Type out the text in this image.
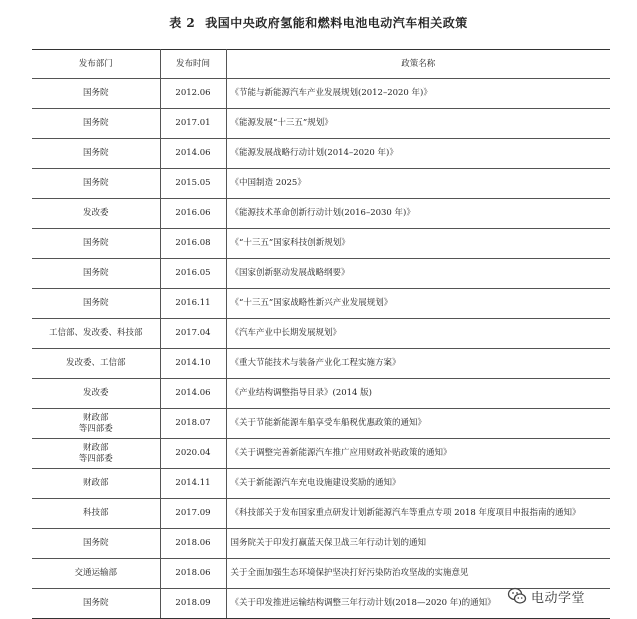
表 2 我国中央政府氢能和燃料电池电动汽车相关政策
发布部门	发布时间	政策名称

国务院	2012.06	《节能与新能源汽车产业发展规划(2012–2020 年)》

国务院	2017.01	《能源发展“十三五”规划》

国务院	2014.06	《能源发展战略行动计划(2014–2020 年)》

国务院	2015.05	《中国制造 2025》

发改委	2016.06	《能源技术革命创新行动计划(2016–2030 年)》

国务院	2016.08	《“十三五”国家科技创新规划》

国务院	2016.05	《国家创新驱动发展战略纲要》

国务院	2016.11	《“十三五”国家战略性新兴产业发展规划》

工信部、发改委、科技部	2017.04	《汽车产业中长期发展规划》

发改委、工信部	2014.10	《重大节能技术与装备产业化工程实施方案》

发改委	2014.06	《产业结构调整指导目录》(2014 版)

财政部
等四部委	2018.07	《关于节能新能源车船享受车船税优惠政策的通知》

财政部
等四部委	2020.04	《关于调整完善新能源汽车推广应用财政补贴政策的通知》

财政部	2014.11	《关于新能源汽车充电设施建设奖励的通知》

科技部	2017.09	《科技部关于发布国家重点研发计划新能源汽车等重点专项 2018 年度项目申报指南的通知》

国务院	2018.06	国务院关于印发打赢蓝天保卫战三年行动计划的通知

交通运输部	2018.06	关于全面加强生态环境保护坚决打好污染防治攻坚战的实施意见

国务院	2018.09	《关于印发推进运输结构调整三年行动计划(2018—2020 年)的通知》	电动学堂
